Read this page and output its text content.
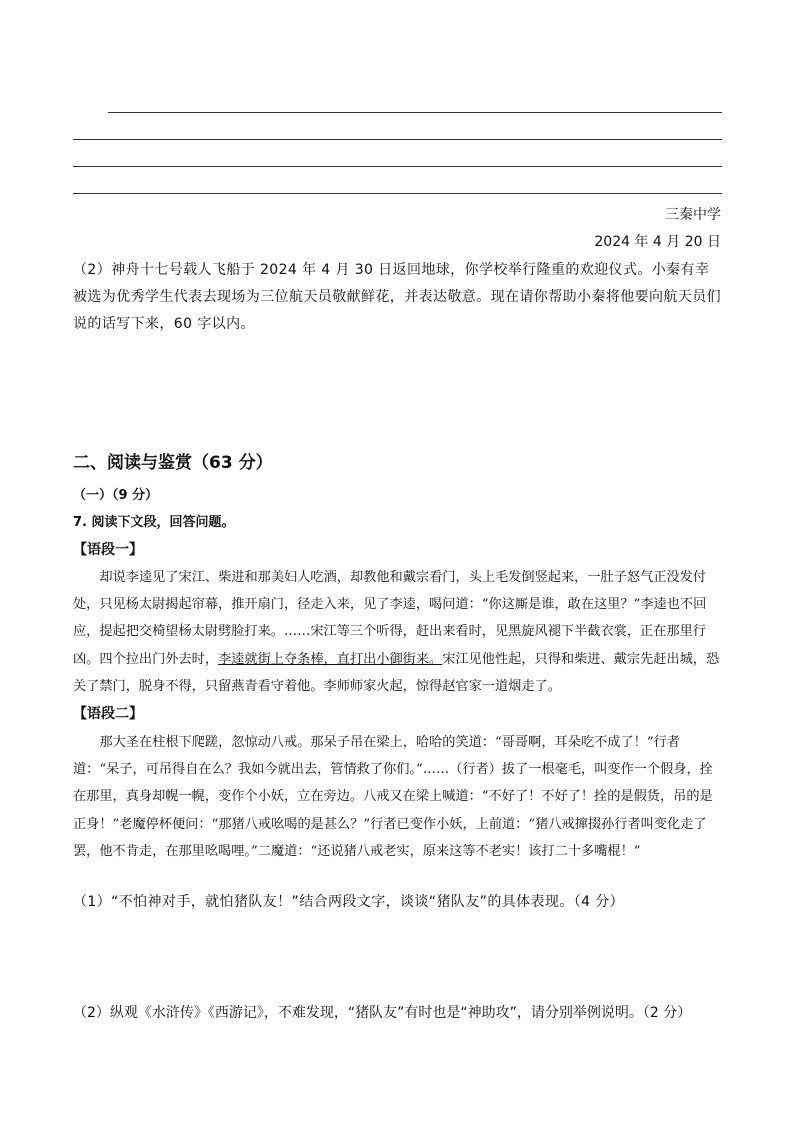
三秦中学
2024 年 4 月 20 日
（2）神舟十七号载人飞船于 2024 年 4 月 30 日返回地球，你学校举行隆重的欢迎仪式。小秦有幸被选为优秀学生代表去现场为三位航天员敬献鲜花，并表达敬意。现在请你帮助小秦将他要向航天员们说的话写下来，60 字以内。
二、阅读与鉴赏（63 分）
（一）（9 分）
7. 阅读下文段，回答问题。
【语段一】
却说李逵见了宋江、柴进和那美妇人吃酒，却教他和戴宗看门，头上毛发倒竖起来，一肚子怒气正没发付处，只见杨太尉揭起帘幕，推开扇门，径走入来，见了李逵，喝问道：“你这厮是谁，敢在这里？”李逵也不回应，提起把交椅望杨太尉劈脸打来。……宋江等三个听得，赶出来看时，见黑旋风褪下半截衣裳，正在那里行凶。四个拉出门外去时，李逵就街上夺条棒，直打出小御街来。宋江见他性起，只得和柴进、戴宗先赶出城，恐关了禁门，脱身不得，只留燕青看守着他。李师师家火起，惊得赵官家一道烟走了。
【语段二】
那大圣在柱根下爬蹉，忽惊动八戒。那呆子吊在梁上，哈哈的笑道：“哥哥啊，耳朵吃不成了！”行者道：“呆子，可吊得自在么？我如今就出去，管情救了你们。”……（行者）拔了一根毫毛，叫变作一个假身，拴在那里，真身却幌一幌，变作个小妖，立在旁边。八戒又在梁上喊道：“不好了！不好了！拴的是假货，吊的是正身！”老魔停杯便问：“那猪八戒吆喝的是甚么？”行者已变作小妖，上前道：“猪八戒撺掇孙行者叫变化走了罢，他不肯走，在那里吆喝哩。”二魔道：“还说猪八戒老实，原来这等不老实！该打二十多嘴棍！”
（1）“不怕神对手，就怕猪队友！”结合两段文字，谈谈“猪队友”的具体表现。（4 分）
（2）纵观《水浒传》《西游记》，不难发现，“猪队友”有时也是“神助攻”，请分别举例说明。（2 分）
